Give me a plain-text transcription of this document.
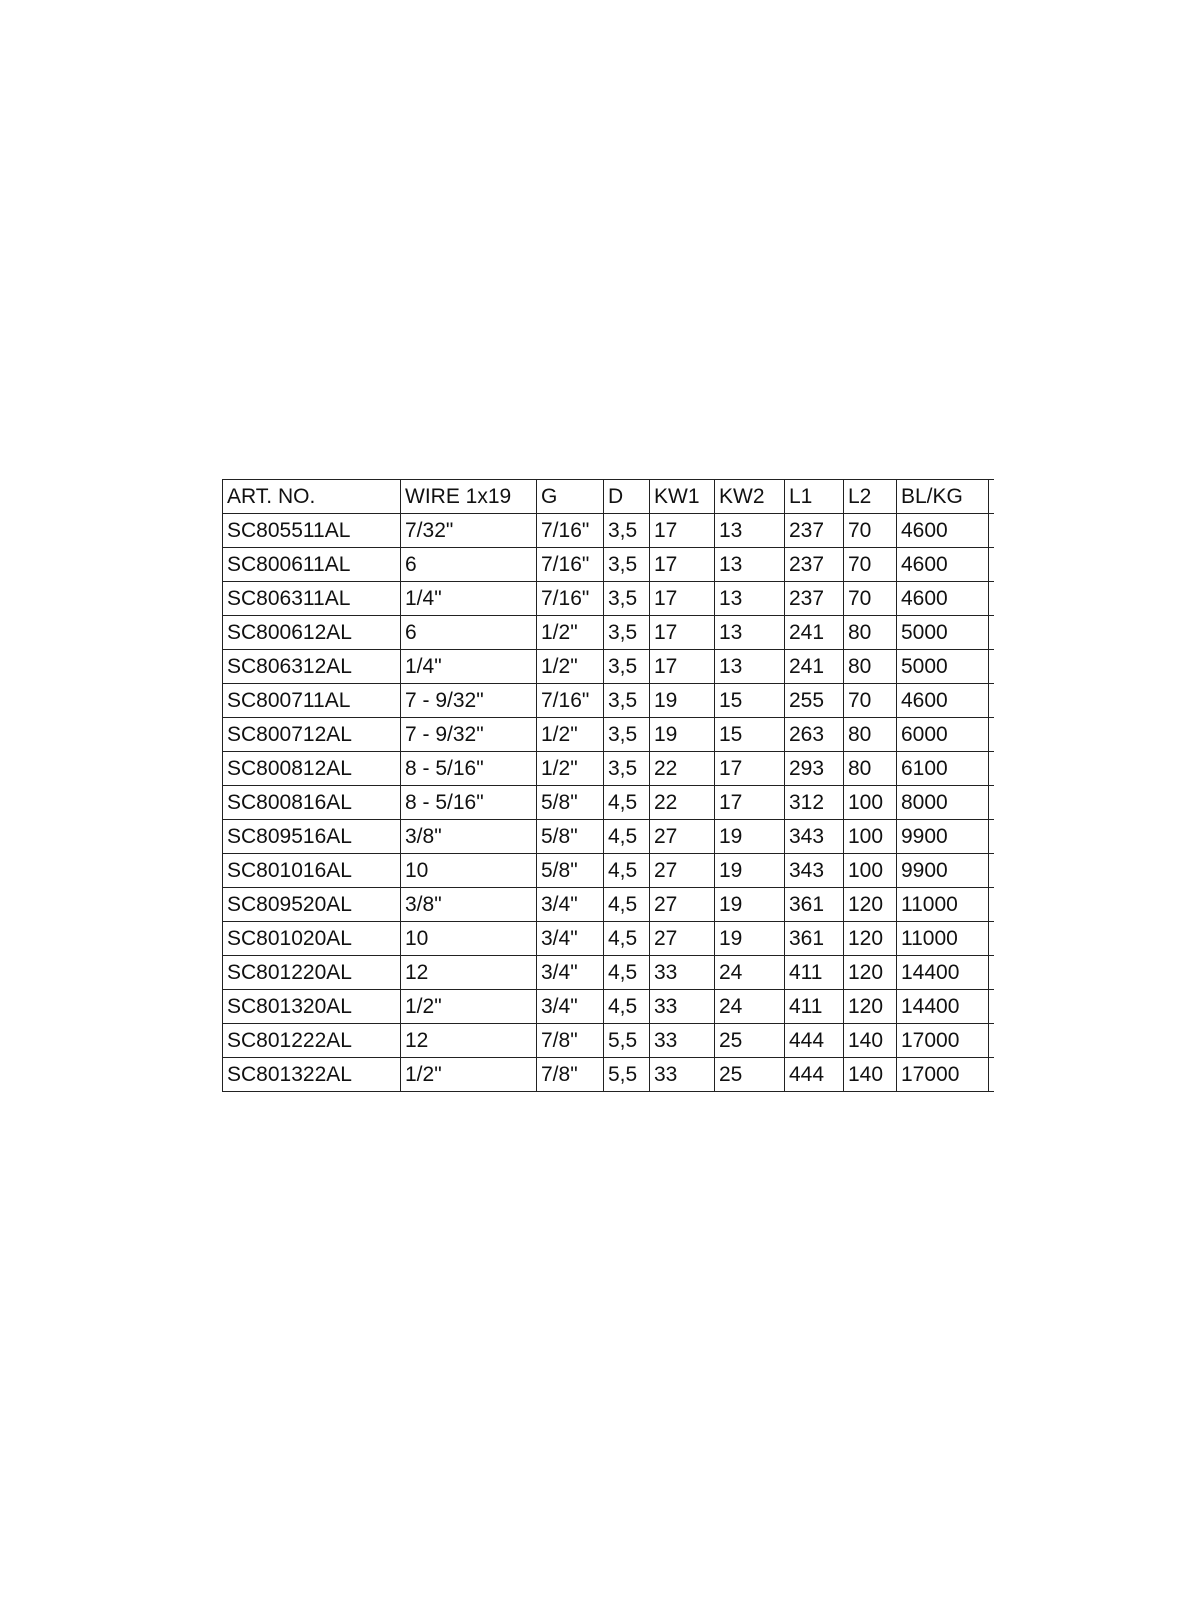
ART. NO.	WIRE 1x19	G	D	KW1	KW2	L1	L2	BL/KG	
SC805511AL	7/32"	7/16"	3,5	17	13	237	70	4600	
SC800611AL	6	7/16"	3,5	17	13	237	70	4600	
SC806311AL	1/4"	7/16"	3,5	17	13	237	70	4600	
SC800612AL	6	1/2"	3,5	17	13	241	80	5000	
SC806312AL	1/4"	1/2"	3,5	17	13	241	80	5000	
SC800711AL	7 - 9/32"	7/16"	3,5	19	15	255	70	4600	
SC800712AL	7 - 9/32"	1/2"	3,5	19	15	263	80	6000	
SC800812AL	8 - 5/16"	1/2"	3,5	22	17	293	80	6100	
SC800816AL	8 - 5/16"	5/8"	4,5	22	17	312	100	8000	
SC809516AL	3/8"	5/8"	4,5	27	19	343	100	9900	
SC801016AL	10	5/8"	4,5	27	19	343	100	9900	
SC809520AL	3/8"	3/4"	4,5	27	19	361	120	11000	
SC801020AL	10	3/4"	4,5	27	19	361	120	11000	
SC801220AL	12	3/4"	4,5	33	24	411	120	14400	
SC801320AL	1/2"	3/4"	4,5	33	24	411	120	14400	
SC801222AL	12	7/8"	5,5	33	25	444	140	17000	
SC801322AL	1/2"	7/8"	5,5	33	25	444	140	17000	
